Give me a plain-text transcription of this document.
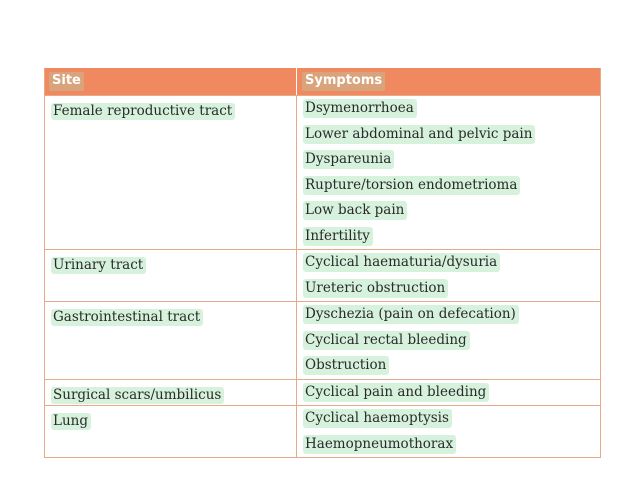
Site	Symptoms
Female reproductive tract	Dsymenorrhoea
Lower abdominal and pelvic pain
Dyspareunia
Rupture/torsion endometrioma
Low back pain
Infertility
Urinary tract	Cyclical haematuria/dysuria
Ureteric obstruction
Gastrointestinal tract	Dyschezia (pain on defecation)
Cyclical rectal bleeding
Obstruction
Surgical scars/umbilicus	Cyclical pain and bleeding
Lung	Cyclical haemoptysis
Haemopneumothorax
